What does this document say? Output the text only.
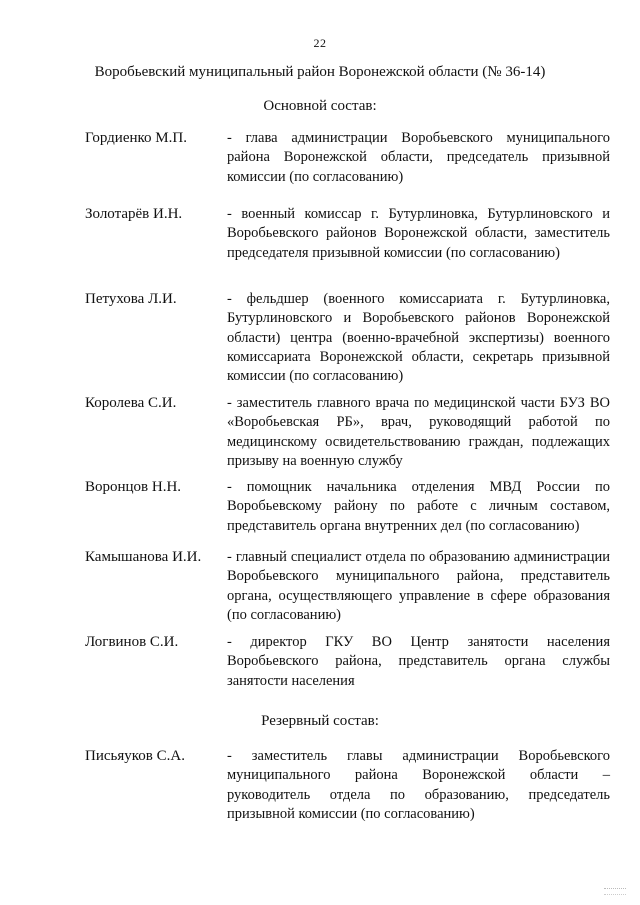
22
Воробьевский муниципальный район Воронежской области (№ 36-14)
Основной состав:
Гордиенко М.П.	- глава администрации Воробьевского муниципального района Воронежской области, председатель призывной комиссии (по согласованию)
Золотарёв И.Н.	- военный комиссар г. Бутурлиновка, Бутурлиновского и Воробьевского районов Воронежской области, заместитель председателя призывной комиссии (по согласованию)
Петухова Л.И.	- фельдшер (военного комиссариата г. Бутурлиновка, Бутурлиновского и Воробьевского районов Воронежской области) центра (военно-врачебной экспертизы) военного комиссариата Воронежской области, секретарь призывной комиссии (по согласованию)
Королева С.И.	- заместитель главного врача по медицинской части БУЗ ВО «Воробьевская РБ», врач, руководящий работой по медицинскому освидетельствованию граждан, подлежащих призыву на военную службу
Воронцов Н.Н.	- помощник начальника отделения МВД России по Воробьевскому району по работе с личным составом, представитель органа внутренних дел (по согласованию)
Камышанова И.И. - главный специалист отдела по образованию администрации Воробьевского муниципального района, представитель органа, осуществляющего управление в сфере образования (по согласованию)
Логвинов С.И.	- директор ГКУ ВО Центр занятости населения Воробьевского района, представитель органа службы занятости населения
Резервный состав:
Письяуков С.А.	- заместитель главы администрации Воробьевского муниципального района Воронежской области – руководитель отдела по образованию, председатель призывной комиссии (по согласованию)
